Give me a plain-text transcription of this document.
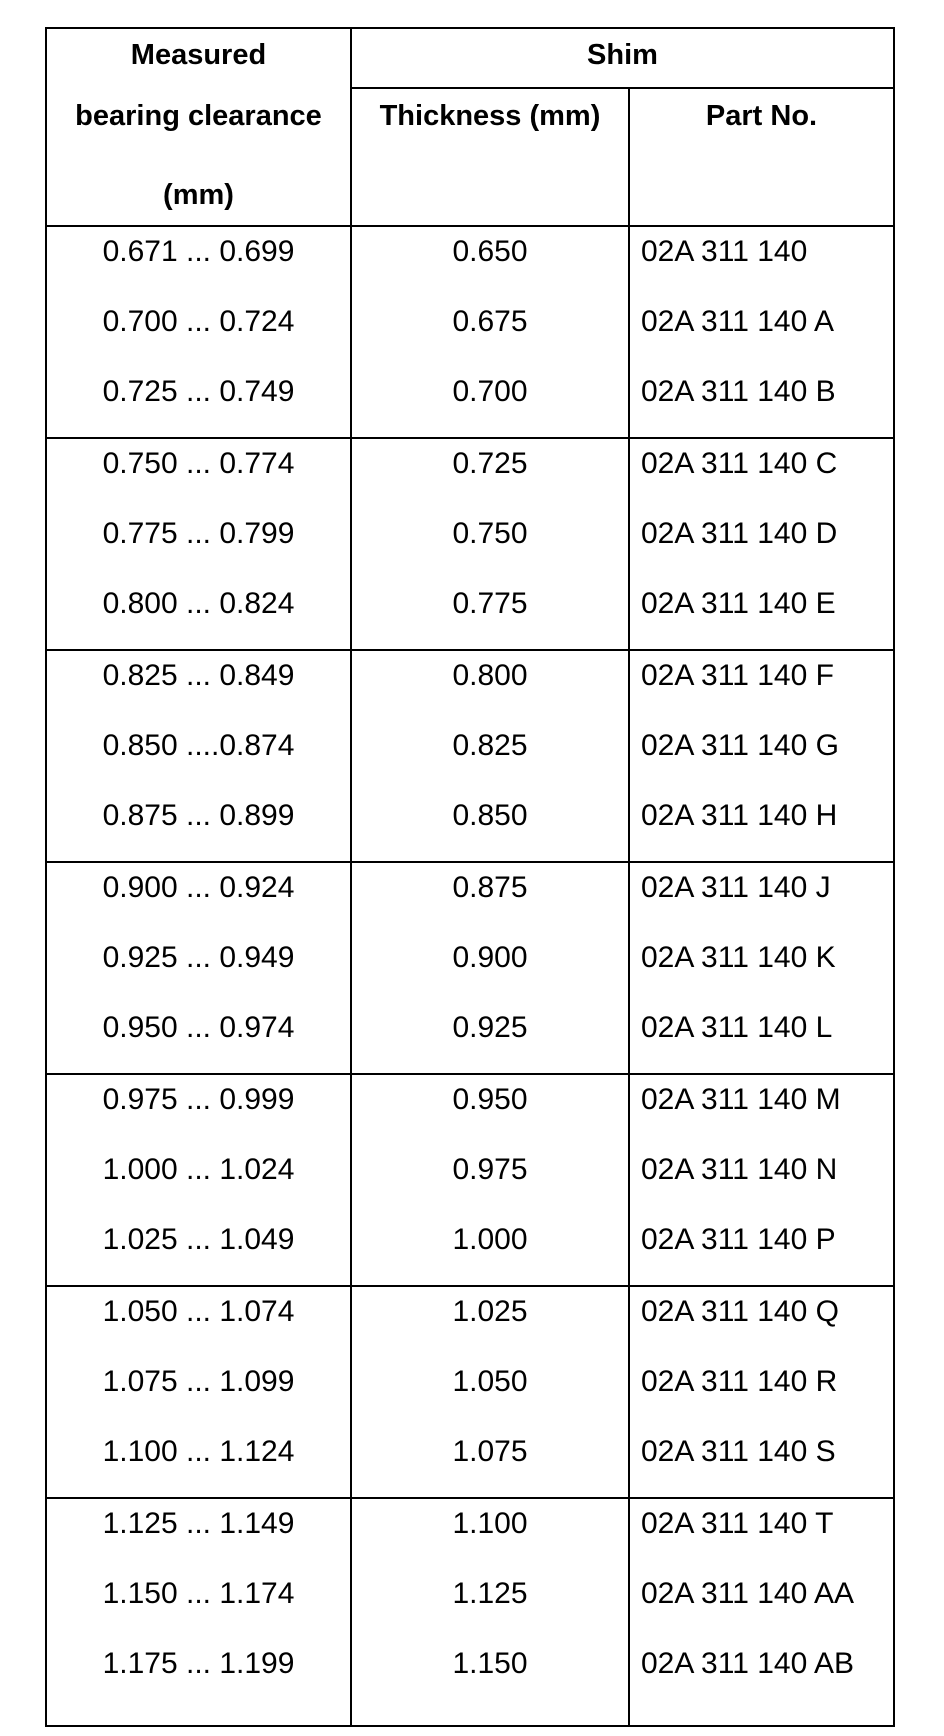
Measured	Shim
bearing clearance	Thickness (mm)	Part No.
(mm)
0.671 ... 0.699	0.650	02A 311 140
0.700 ... 0.724	0.675	02A 311 140 A
0.725 ... 0.749	0.700	02A 311 140 B
0.750 ... 0.774	0.725	02A 311 140 C
0.775 ... 0.799	0.750	02A 311 140 D
0.800 ... 0.824	0.775	02A 311 140 E
0.825 ... 0.849	0.800	02A 311 140 F
0.850 ....0.874	0.825	02A 311 140 G
0.875 ... 0.899	0.850	02A 311 140 H
0.900 ... 0.924	0.875	02A 311 140 J
0.925 ... 0.949	0.900	02A 311 140 K
0.950 ... 0.974	0.925	02A 311 140 L
0.975 ... 0.999	0.950	02A 311 140 M
1.000 ... 1.024	0.975	02A 311 140 N
1.025 ... 1.049	1.000	02A 311 140 P
1.050 ... 1.074	1.025	02A 311 140 Q
1.075 ... 1.099	1.050	02A 311 140 R
1.100 ... 1.124	1.075	02A 311 140 S
1.125 ... 1.149	1.100	02A 311 140 T
1.150 ... 1.174	1.125	02A 311 140 AA
1.175 ... 1.199	1.150	02A 311 140 AB
